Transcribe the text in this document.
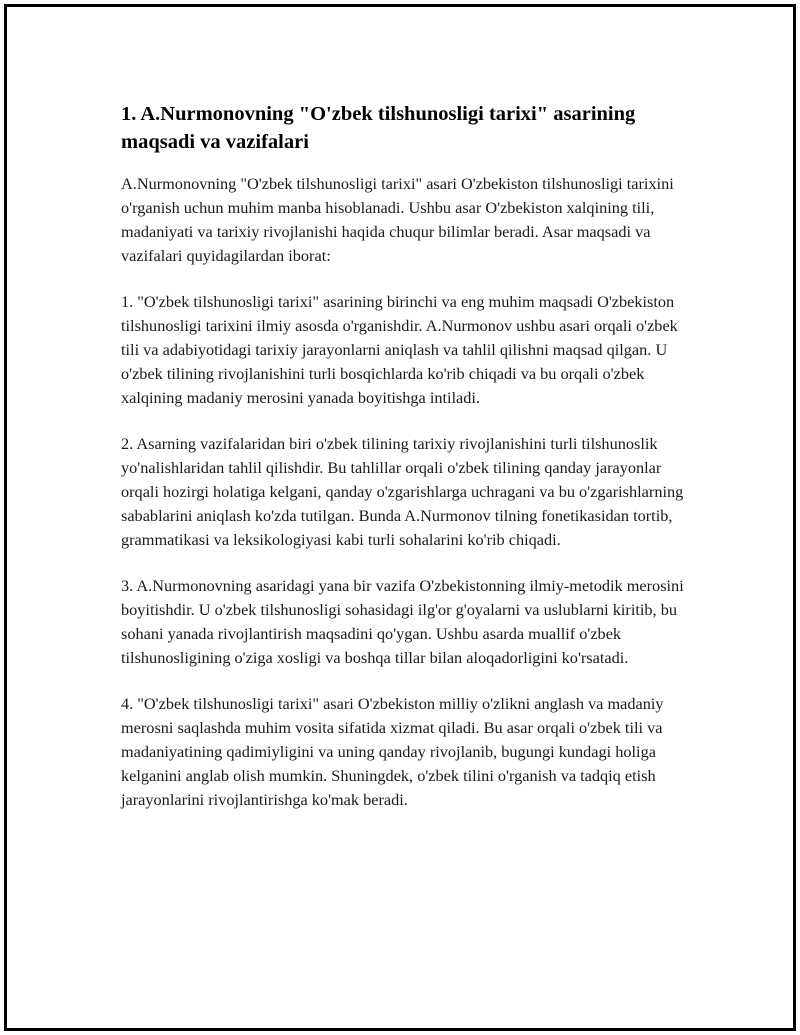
1. A.Nurmonovning "O'zbek tilshunosligi tarixi" asarining maqsadi va vazifalari

A.Nurmonovning "O'zbek tilshunosligi tarixi" asari O'zbekiston tilshunosligi tarixini o'rganish uchun muhim manba hisoblanadi. Ushbu asar O'zbekiston xalqining tili, madaniyati va tarixiy rivojlanishi haqida chuqur bilimlar beradi. Asar maqsadi va vazifalari quyidagilardan iborat:

1. "O'zbek tilshunosligi tarixi" asarining birinchi va eng muhim maqsadi O'zbekiston tilshunosligi tarixini ilmiy asosda o'rganishdir. A.Nurmonov ushbu asari orqali o'zbek tili va adabiyotidagi tarixiy jarayonlarni aniqlash va tahlil qilishni maqsad qilgan. U o'zbek tilining rivojlanishini turli bosqichlarda ko'rib chiqadi va bu orqali o'zbek xalqining madaniy merosini yanada boyitishga intiladi.

2. Asarning vazifalaridan biri o'zbek tilining tarixiy rivojlanishini turli tilshunoslik yo'nalishlaridan tahlil qilishdir. Bu tahlillar orqali o'zbek tilining qanday jarayonlar orqali hozirgi holatiga kelgani, qanday o'zgarishlarga uchragani va bu o'zgarishlarning sabablarini aniqlash ko'zda tutilgan. Bunda A.Nurmonov tilning fonetikasidan tortib, grammatikasi va leksikologiyasi kabi turli sohalarini ko'rib chiqadi.

3. A.Nurmonovning asaridagi yana bir vazifa O'zbekistonning ilmiy-metodik merosini boyitishdir. U o'zbek tilshunosligi sohasidagi ilg'or g'oyalarni va uslublarni kiritib, bu sohani yanada rivojlantirish maqsadini qo'ygan. Ushbu asarda muallif o'zbek tilshunosligining o'ziga xosligi va boshqa tillar bilan aloqadorligini ko'rsatadi.

4. "O'zbek tilshunosligi tarixi" asari O'zbekiston milliy o'zlikni anglash va madaniy merosni saqlashda muhim vosita sifatida xizmat qiladi. Bu asar orqali o'zbek tili va madaniyatining qadimiyligini va uning qanday rivojlanib, bugungi kundagi holiga kelganini anglab olish mumkin. Shuningdek, o'zbek tilini o'rganish va tadqiq etish jarayonlarini rivojlantirishga ko'mak beradi.
